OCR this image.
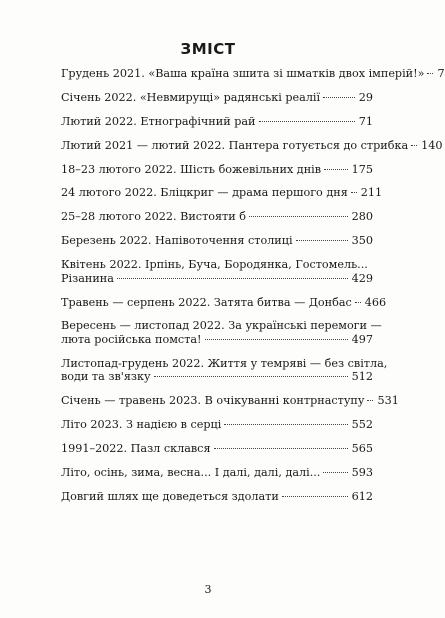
ЗМІСТ
Грудень 2021. «Ваша країна зшита зі шматків двох імперій!» 7
Січень 2022. «Невмирущі» радянські реалії	29
Лютий 2022. Етнографічний рай	71
Лютий 2021 — лютий 2022. Пантера готується до стрибка 140
18–23 лютого 2022. Шість божевільних днів	175
24 лютого 2022. Бліцкриг — драма першого дня 211
25–28 лютого 2022. Вистояти б	280
Березень 2022. Напівоточення столиці	350
Квітень 2022. Ірпінь, Буча, Бородянка, Гостомель...
Різанина	429
Травень — серпень 2022. Затята битва — Донбас 466
Вересень — листопад 2022. За українські перемоги —
люта російська помста!	497
Листопад-грудень 2022. Життя у темряві — без світла,
води та зв'язку	512
Січень — травень 2023. В очікуванні контрнаступу 531
Літо 2023. З надією в серці	552
1991–2022. Пазл склався	565
Літо, осінь, зима, весна... І далі, далі, далі...	593
Довгий шлях ще доведеться здолати	612
3
